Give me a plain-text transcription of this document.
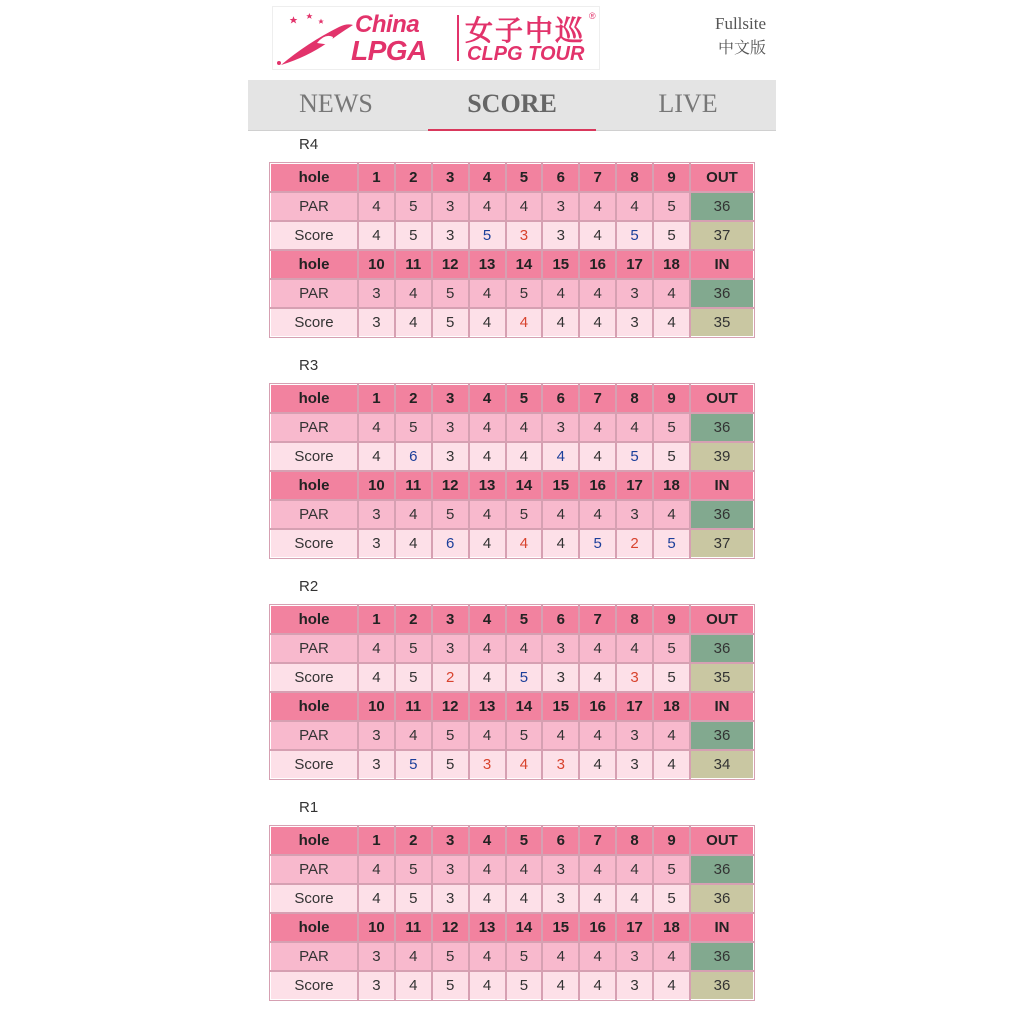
China
LPGA
女子中巡 ®
CLPG TOUR
Fullsite
中文版
NEWS	SCORE	LIVE
R4
hole	1	2	3	4	5	6	7	8	9	OUT
PAR	4	5	3	4	4	3	4	4	5	36
Score	4	5	3	5	3	3	4	5	5	37
hole	10	11	12	13	14	15	16	17	18	IN
PAR	3	4	5	4	5	4	4	3	4	36
Score	3	4	5	4	4	4	4	3	4	35
R3
hole	1	2	3	4	5	6	7	8	9	OUT
PAR	4	5	3	4	4	3	4	4	5	36
Score	4	6	3	4	4	4	4	5	5	39
hole	10	11	12	13	14	15	16	17	18	IN
PAR	3	4	5	4	5	4	4	3	4	36
Score	3	4	6	4	4	4	5	2	5	37
R2
hole	1	2	3	4	5	6	7	8	9	OUT
PAR	4	5	3	4	4	3	4	4	5	36
Score	4	5	2	4	5	3	4	3	5	35
hole	10	11	12	13	14	15	16	17	18	IN
PAR	3	4	5	4	5	4	4	3	4	36
Score	3	5	5	3	4	3	4	3	4	34
R1
hole	1	2	3	4	5	6	7	8	9	OUT
PAR	4	5	3	4	4	3	4	4	5	36
Score	4	5	3	4	4	3	4	4	5	36
hole	10	11	12	13	14	15	16	17	18	IN
PAR	3	4	5	4	5	4	4	3	4	36
Score	3	4	5	4	5	4	4	3	4	36
